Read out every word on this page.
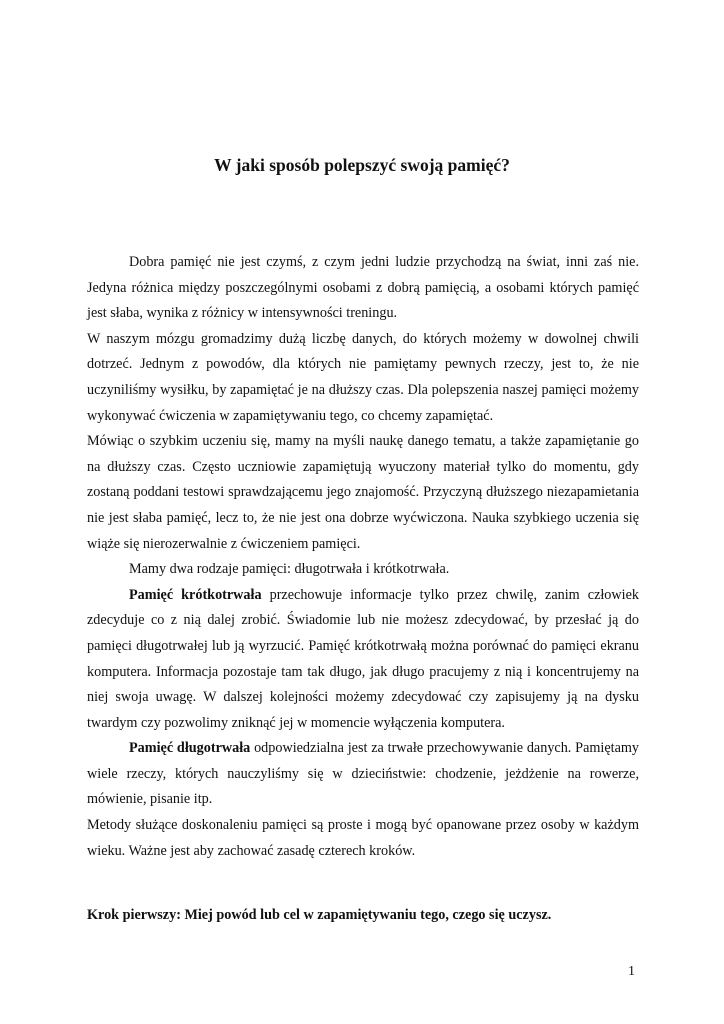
W jaki sposób polepszyć swoją pamięć?

Dobra pamięć nie jest czymś, z czym jedni ludzie przychodzą na świat, inni zaś nie. Jedyna różnica między poszczególnymi osobami z dobrą pamięcią, a osobami których pamięć jest słaba, wynika z różnicy w intensywności treningu.

W naszym mózgu gromadzimy dużą liczbę danych, do których możemy w dowolnej chwili dotrzeć. Jednym z powodów, dla których nie pamiętamy pewnych rzeczy, jest to, że nie uczyniliśmy wysiłku, by zapamiętać je na dłuższy czas. Dla polepszenia naszej pamięci możemy wykonywać ćwiczenia w zapamiętywaniu tego, co chcemy zapamiętać.

Mówiąc o szybkim uczeniu się, mamy na myśli naukę danego tematu, a także zapamiętanie go na dłuższy czas. Często uczniowie zapamiętują wyuczony materiał tylko do momentu, gdy zostaną poddani testowi sprawdzającemu jego znajomość. Przyczyną dłuższego niezapamietania nie jest słaba pamięć, lecz to, że nie jest ona dobrze wyćwiczona. Nauka szybkiego uczenia się wiąże się nierozerwalnie z ćwiczeniem pamięci.

Mamy dwa rodzaje pamięci: długotrwała i krótkotrwała.

Pamięć krótkotrwała przechowuje informacje tylko przez chwilę, zanim człowiek zdecyduje co z nią dalej zrobić. Świadomie lub nie możesz zdecydować, by przesłać ją do pamięci długotrwałej lub ją wyrzucić. Pamięć krótkotrwałą można porównać do pamięci ekranu komputera. Informacja pozostaje tam tak długo, jak długo pracujemy z nią i koncentrujemy na niej swoja uwagę. W dalszej kolejności możemy zdecydować czy zapisujemy ją na dysku twardym czy pozwolimy zniknąć jej w momencie wyłączenia komputera.

Pamięć długotrwała odpowiedzialna jest za trwałe przechowywanie danych. Pamiętamy wiele rzeczy, których nauczyliśmy się w dzieciństwie: chodzenie, jeżdżenie na rowerze, mówienie, pisanie itp.

Metody służące doskonaleniu pamięci są proste i mogą być opanowane przez osoby w każdym wieku. Ważne jest aby zachować zasadę czterech kroków.

Krok pierwszy: Miej powód lub cel w zapamiętywaniu tego, czego się uczysz.

1
